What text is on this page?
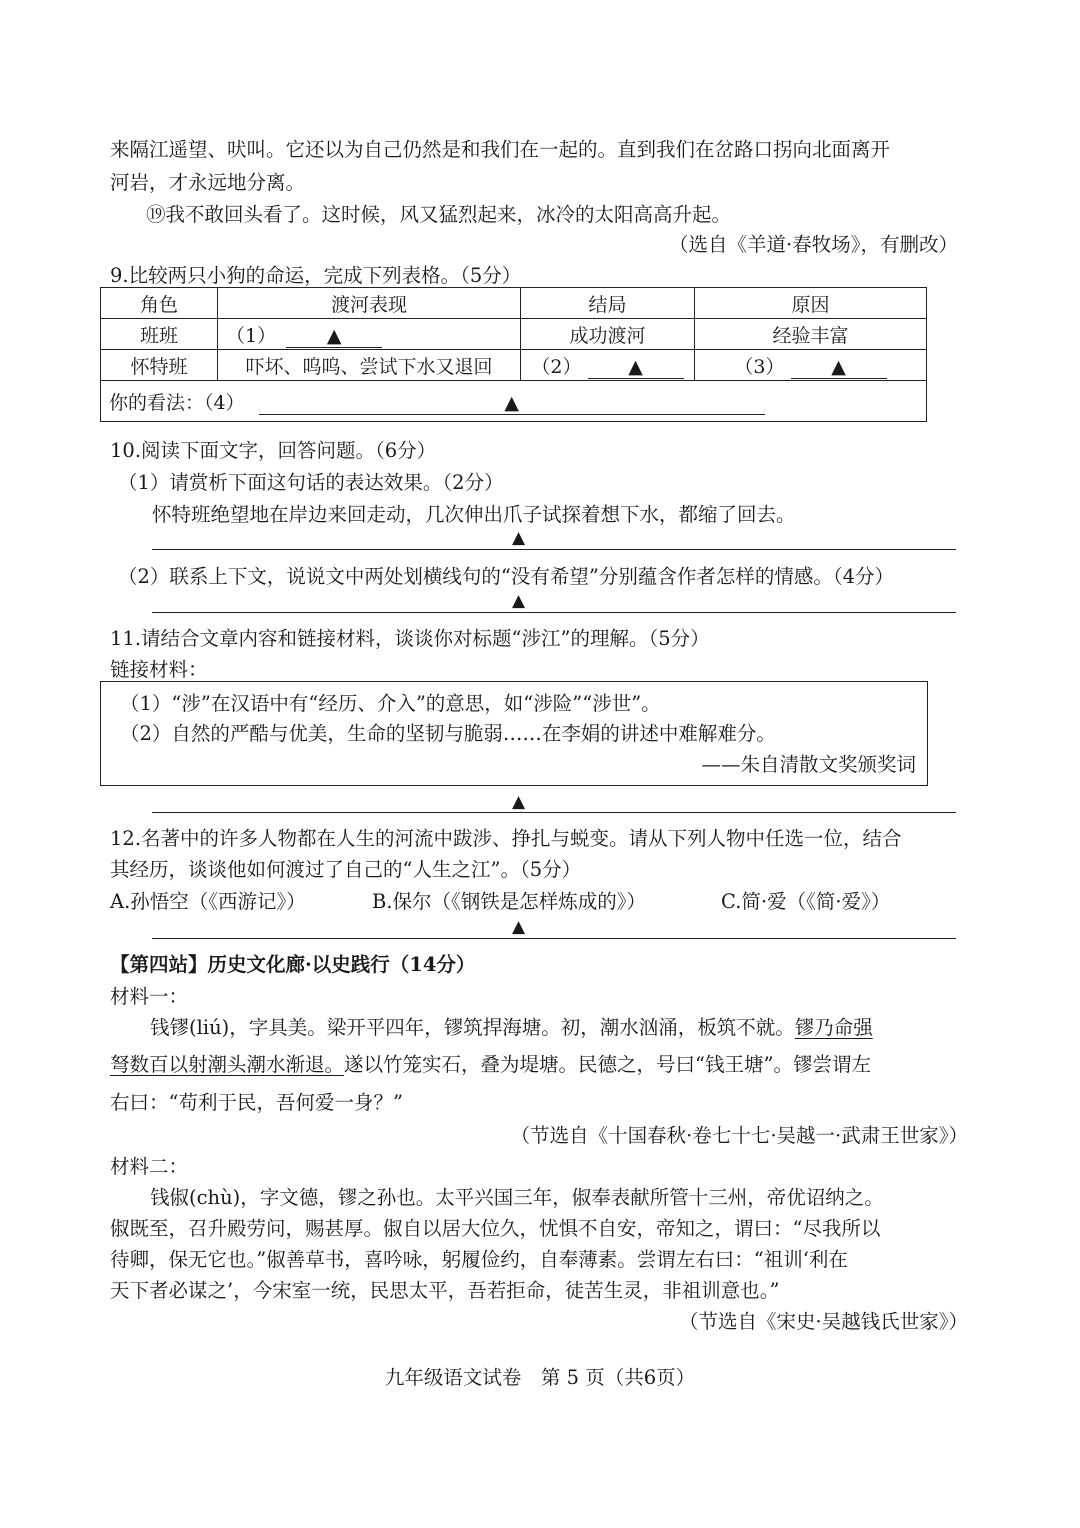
来隔江遥望、吠叫。它还以为自己仍然是和我们在一起的。直到我们在岔路口拐向北面离开
河岩，才永远地分离。
⑲我不敢回头看了。这时候，风又猛烈起来，冰冷的太阳高高升起。
（选自《羊道·春牧场》，有删改）
9.比较两只小狗的命运，完成下列表格。（5分）
角色	渡河表现	结局	原因
班班	（1） ▲	成功渡河	经验丰富
怀特班	吓坏、呜呜、尝试下水又退回	（2） ▲	（3） ▲
你的看法：（4） ▲			
10.阅读下面文字，回答问题。（6分）
（1）请赏析下面这句话的表达效果。（2分）
怀特班绝望地在岸边来回走动，几次伸出爪子试探着想下水，都缩了回去。
▲
（2）联系上下文，说说文中两处划横线句的“没有希望”分别蕴含作者怎样的情感。（4分）
▲
11.请结合文章内容和链接材料，谈谈你对标题“涉江”的理解。（5分）
链接材料：
（1）“涉”在汉语中有“经历、介入”的意思，如“涉险”“涉世”。
（2）自然的严酷与优美，生命的坚韧与脆弱……在李娟的讲述中难解难分。
——朱自清散文奖颁奖词
▲
12.名著中的许多人物都在人生的河流中跋涉、挣扎与蜕变。请从下列人物中任选一位，结合
其经历，谈谈他如何渡过了自己的“人生之江”。（5分）
A.孙悟空（《西游记》）	B.保尔（《钢铁是怎样炼成的》）	C.简·爱（《简·爱》）
▲
【第四站】历史文化廊·以史践行（14分）
材料一：
钱镠(liú)，字具美。梁开平四年，镠筑捍海塘。初，潮水汹涌，板筑不就。镠乃命强
弩数百以射潮头潮水渐退。遂以竹笼实石，叠为堤塘。民德之，号曰“钱王塘”。镠尝谓左
右曰：“苟利于民，吾何爱一身？”
（节选自《十国春秋·卷七十七·吴越一·武肃王世家》）
材料二：
钱俶(chù)，字文德，镠之孙也。太平兴国三年，俶奉表献所管十三州，帝优诏纳之。
俶既至，召升殿劳问，赐甚厚。俶自以居大位久，忧惧不自安，帝知之，谓曰：“尽我所以
待卿，保无它也。”俶善草书，喜吟咏，躬履俭约，自奉薄素。尝谓左右曰：“祖训‘利在
天下者必谋之’，今宋室一统，民思太平，吾若拒命，徒苦生灵，非祖训意也。”
（节选自《宋史·吴越钱氏世家》）
九年级语文试卷　第 5 页（共6页）
